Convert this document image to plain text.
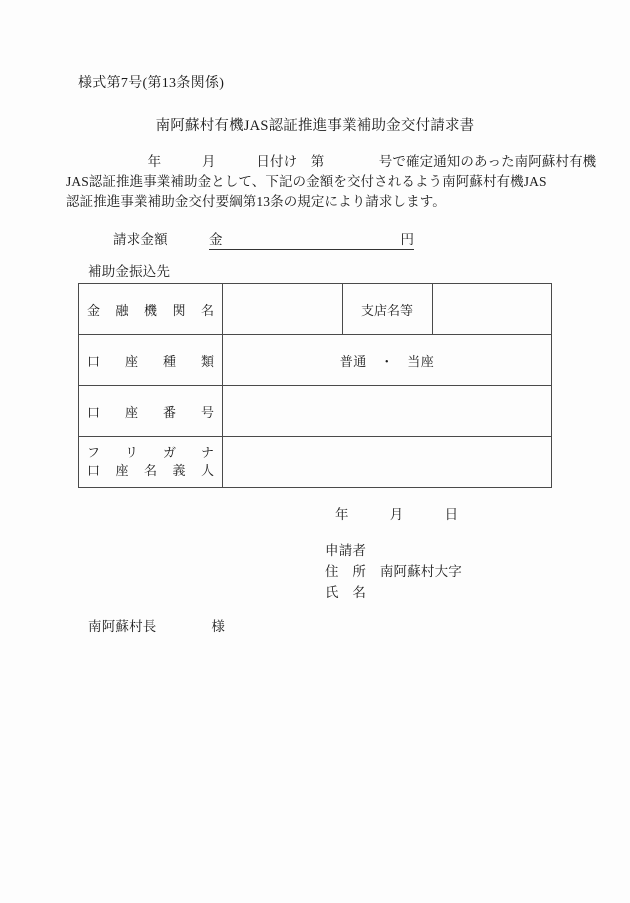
様式第7号(第13条関係)
南阿蘇村有機JAS認証推進事業補助金交付請求書
　　　　　　年　　　月　　　日付け　第　　　　号で確定通知のあった南阿蘇村有機
JAS認証推進事業補助金として、下記の金額を交付されるよう南阿蘇村有機JAS
認証推進事業補助金交付要綱第13条の規定により請求します。
請求金額	金	円
補助金振込先
金 融 機 関 名		支店名等	

口 座 種 類	普通　・　当座		

口 座 番 号			

フ リ ガ ナ
口 座 名 義 人

年　　　月　　　日
申請者
住　所　 南阿蘇村大字
氏　名　
南阿蘇村長　　　　	様
